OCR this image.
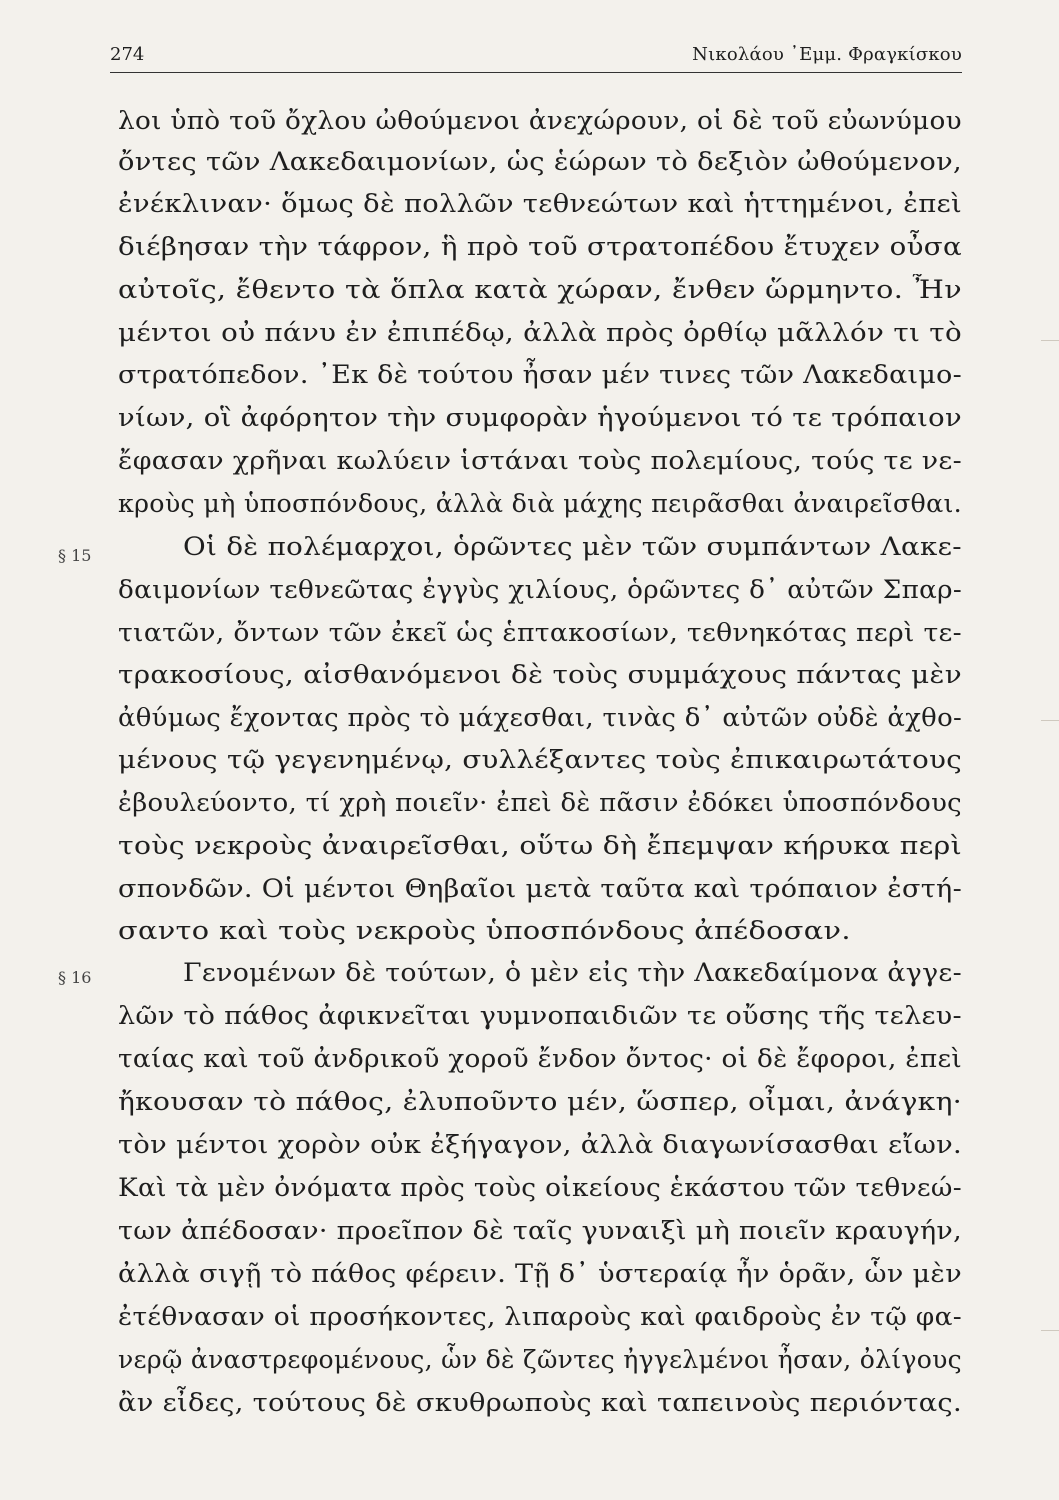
274	Νικολάου ᾿Εμμ. Φραγκίσκου
§ 15
§ 16
λοι ὑπὸ τοῦ ὄχλου ὠθούμενοι ἀνεχώρουν, οἱ δὲ τοῦ εὐωνύμου
ὄντες τῶν Λακεδαιμονίων, ὡς ἑώρων τὸ δεξιὸν ὠθούμενον,
ἐνέκλιναν· ὅμως δὲ πολλῶν τεθνεώτων καὶ ἡττημένοι, ἐπεὶ
διέβησαν τὴν τάφρον, ἣ πρὸ τοῦ στρατοπέδου ἔτυχεν οὖσα
αὐτοῖς, ἔθεντο τὰ ὅπλα κατὰ χώραν, ἔνθεν ὥρμηντο. Ἦν
μέντοι οὐ πάνυ ἐν ἐπιπέδῳ, ἀλλὰ πρὸς ὀρθίῳ μᾶλλόν τι τὸ
στρατόπεδον. ᾿Εκ δὲ τούτου ἦσαν μέν τινες τῶν Λακεδαιμο-
νίων, οἳ ἀφόρητον τὴν συμφορὰν ἡγούμενοι τό τε τρόπαιον
ἔφασαν χρῆναι κωλύειν ἱστάναι τοὺς πολεμίους, τούς τε νε-
κροὺς μὴ ὑποσπόνδους, ἀλλὰ διὰ μάχης πειρᾶσθαι ἀναιρεῖσθαι.
Οἱ δὲ πολέμαρχοι, ὁρῶντες μὲν τῶν συμπάντων Λακε-
δαιμονίων τεθνεῶτας ἐγγὺς χιλίους, ὁρῶντες δ᾿ αὐτῶν Σπαρ-
τιατῶν, ὄντων τῶν ἐκεῖ ὡς ἑπτακοσίων, τεθνηκότας περὶ τε-
τρακοσίους, αἰσθανόμενοι δὲ τοὺς συμμάχους πάντας μὲν
ἀθύμως ἔχοντας πρὸς τὸ μάχεσθαι, τινὰς δ᾿ αὐτῶν οὐδὲ ἀχθο-
μένους τῷ γεγενημένῳ, συλλέξαντες τοὺς ἐπικαιρωτάτους
ἐβουλεύοντο, τί χρὴ ποιεῖν· ἐπεὶ δὲ πᾶσιν ἐδόκει ὑποσπόνδους
τοὺς νεκροὺς ἀναιρεῖσθαι, οὕτω δὴ ἔπεμψαν κήρυκα περὶ
σπονδῶν. Οἱ μέντοι Θηβαῖοι μετὰ ταῦτα καὶ τρόπαιον ἐστή-
σαντο καὶ τοὺς νεκροὺς ὑποσπόνδους ἀπέδοσαν.
Γενομένων δὲ τούτων, ὁ μὲν εἰς τὴν Λακεδαίμονα ἀγγε-
λῶν τὸ πάθος ἀφικνεῖται γυμνοπαιδιῶν τε οὔσης τῆς τελευ-
ταίας καὶ τοῦ ἀνδρικοῦ χοροῦ ἔνδον ὄντος· οἱ δὲ ἔφοροι, ἐπεὶ
ἤκουσαν τὸ πάθος, ἐλυποῦντο μέν, ὥσπερ, οἶμαι, ἀνάγκη·
τὸν μέντοι χορὸν οὐκ ἐξήγαγον, ἀλλὰ διαγωνίσασθαι εἴων.
Καὶ τὰ μὲν ὀνόματα πρὸς τοὺς οἰκείους ἑκάστου τῶν τεθνεώ-
των ἀπέδοσαν· προεῖπον δὲ ταῖς γυναιξὶ μὴ ποιεῖν κραυγήν,
ἀλλὰ σιγῇ τὸ πάθος φέρειν. Τῇ δ᾿ ὑστεραίᾳ ἦν ὁρᾶν, ὧν μὲν
ἐτέθνασαν οἱ προσήκοντες, λιπαροὺς καὶ φαιδροὺς ἐν τῷ φα-
νερῷ ἀναστρεφομένους, ὧν δὲ ζῶντες ἠγγελμένοι ἦσαν, ὀλίγους
ἂν εἶδες, τούτους δὲ σκυθρωποὺς καὶ ταπεινοὺς περιόντας.
